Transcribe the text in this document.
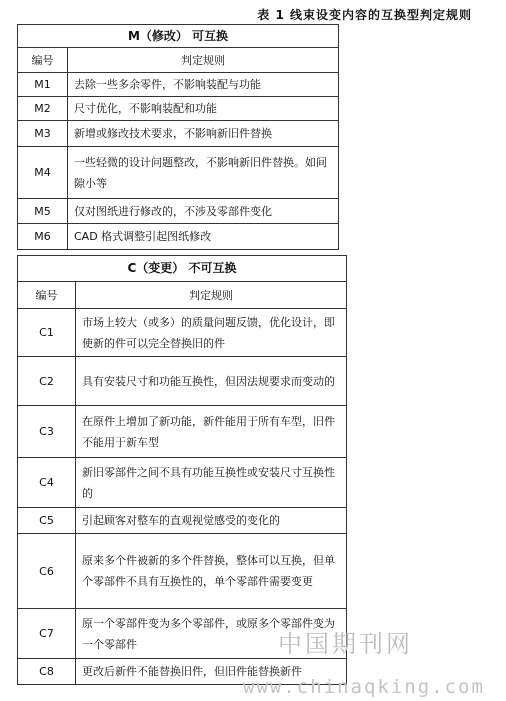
表 1 线束设变内容的互换型判定规则
M（修改） 可互换	
编号	判定规则
M1	去除一些多余零件，不影响装配与功能
M2	尺寸优化，不影响装配和功能
M3	新增或修改技术要求，不影响新旧件替换
M4	一些轻微的设计问题整改，不影响新旧件替换。如间隙小等
M5	仅对图纸进行修改的，不涉及零部件变化
M6	CAD 格式调整引起图纸修改
C（变更） 不可互换	
编号	判定规则
C1	市场上较大（或多）的质量问题反馈，优化设计，即使新的件可以完全替换旧的件
C2	具有安装尺寸和功能互换性，但因法规要求而变动的
C3	在原件上增加了新功能，新件能用于所有车型，旧件不能用于新车型
C4	新旧零部件之间不具有功能互换性或安装尺寸互换性的
C5	引起顾客对整车的直观视觉感受的变化的
C6	原来多个件被新的多个件替换，整体可以互换，但单个零部件不具有互换性的，单个零部件需要变更
C7	原一个零部件变为多个零部件，或原多个零部件变为一个零部件
C8	更改后新件不能替换旧件，但旧件能替换新件
中国期刊网
www.chinaqking.com
